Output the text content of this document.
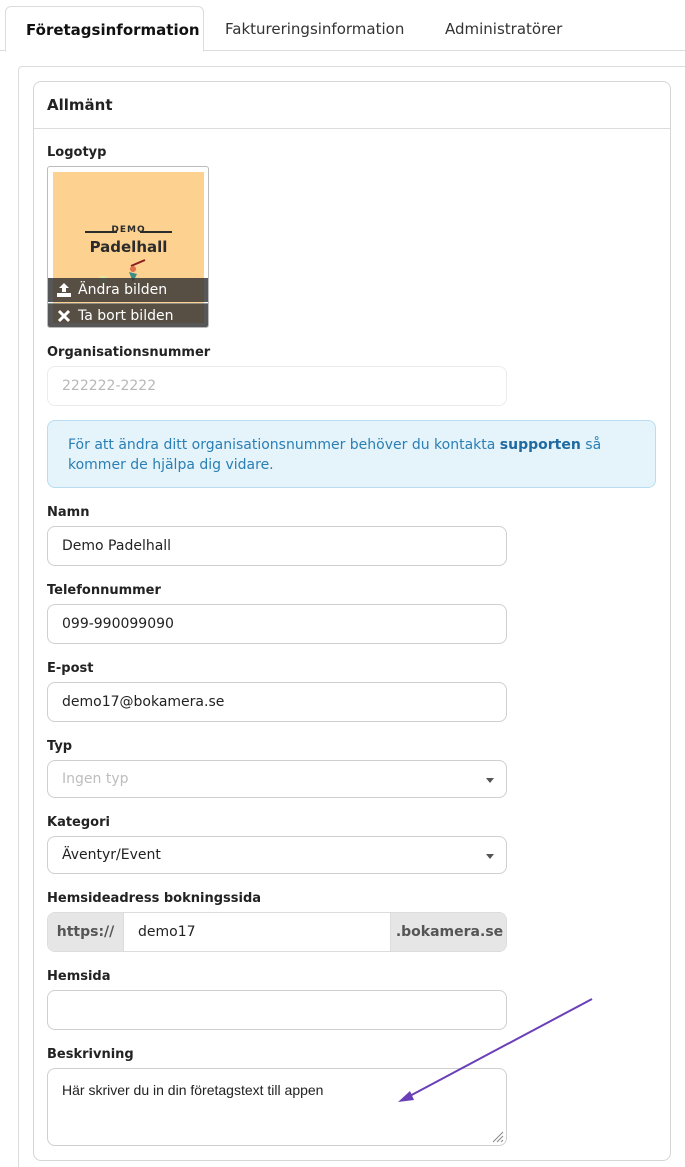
Företagsinformation Faktureringsinformation	Administratörer
Allmänt
Logotyp
DEMO
Padelhall
Ändra bilden
Ta bort bilden
Organisationsnummer
222222-2222
För att ändra ditt organisationsnummer behöver du kontakta supporten så kommer de hjälpa dig vidare.
Namn
Demo Padelhall
Telefonnummer
099-990099090
E-post
demo17@bokamera.se
Typ
Ingen typ
Kategori
Äventyr/Event
Hemsideadress bokningssida
https://	demo17	.bokamera.se
Hemsida
Beskrivning
Här skriver du in din företagstext till appen
